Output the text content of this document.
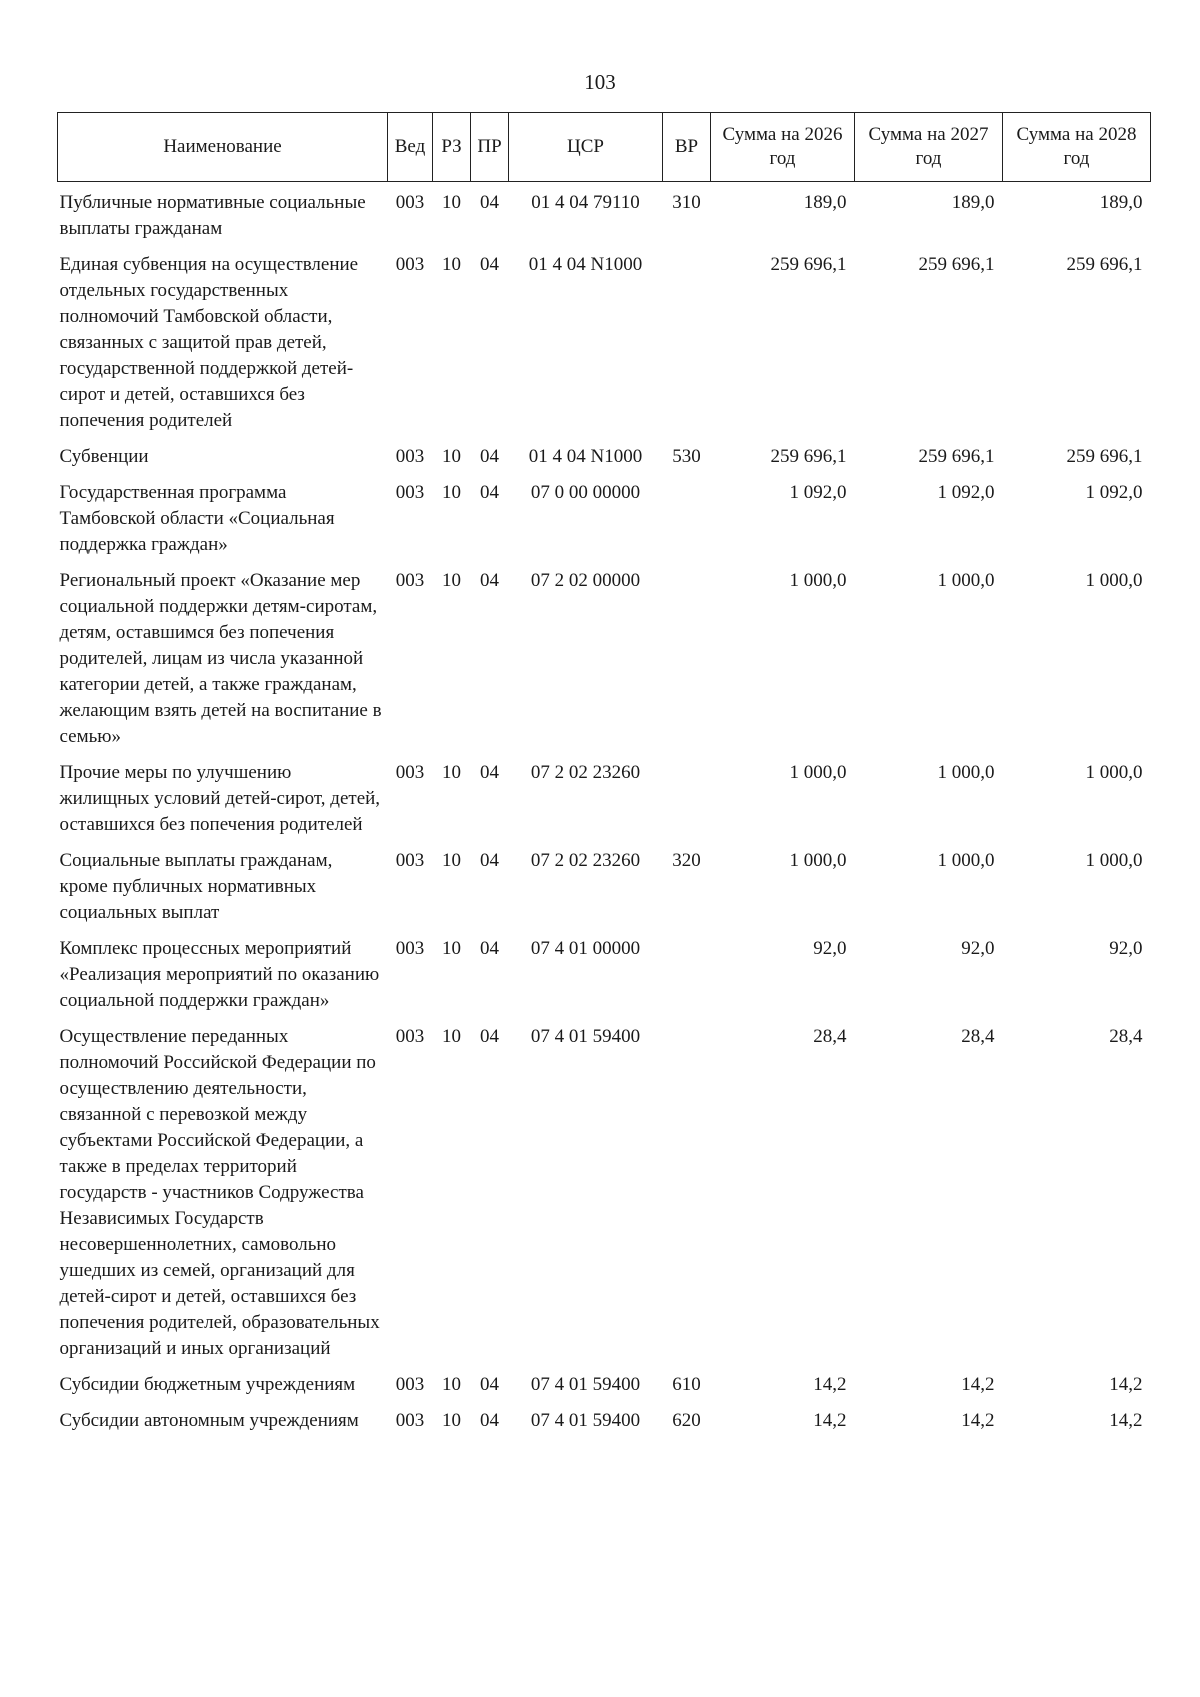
103
Наименование	Вед	РЗ	ПР	ЦСР	ВР	Сумма на 2026 год	Сумма на 2027 год	Сумма на 2028 год
Публичные нормативные социальные выплаты гражданам	003	10	04	01 4 04 79110	310	189,0	189,0	189,0
Единая субвенция на осуществление отдельных государственных полномочий Тамбовской области, связанных с защитой прав детей, государственной поддержкой детей-сирот и детей, оставшихся без попечения родителей	003	10	04	01 4 04 N1000		259 696,1	259 696,1	259 696,1
Субвенции	003	10	04	01 4 04 N1000	530	259 696,1	259 696,1	259 696,1
Государственная программа Тамбовской области «Социальная поддержка граждан»	003	10	04	07 0 00 00000		1 092,0	1 092,0	1 092,0
Региональный проект «Оказание мер социальной поддержки детям-сиротам, детям, оставшимся без попечения родителей, лицам из числа указанной категории детей, а также гражданам, желающим взять детей на воспитание в семью»	003	10	04	07 2 02 00000		1 000,0	1 000,0	1 000,0
Прочие меры по улучшению жилищных условий детей-сирот, детей, оставшихся без попечения родителей	003	10	04	07 2 02 23260		1 000,0	1 000,0	1 000,0
Социальные выплаты гражданам, кроме публичных нормативных социальных выплат	003	10	04	07 2 02 23260	320	1 000,0	1 000,0	1 000,0
Комплекс процессных мероприятий «Реализация мероприятий по оказанию социальной поддержки граждан»	003	10	04	07 4 01 00000		92,0	92,0	92,0
Осуществление переданных полномочий Российской Федерации по осуществлению деятельности, связанной с перевозкой между субъектами Российской Федерации, а также в пределах территорий государств - участников Содружества Независимых Государств несовершеннолетних, самовольно ушедших из семей, организаций для детей-сирот и детей, оставшихся без попечения родителей, образовательных организаций и иных организаций	003	10	04	07 4 01 59400		28,4	28,4	28,4
Субсидии бюджетным учреждениям	003	10	04	07 4 01 59400	610	14,2	14,2	14,2
Субсидии автономным учреждениям	003	10	04	07 4 01 59400	620	14,2	14,2	14,2
